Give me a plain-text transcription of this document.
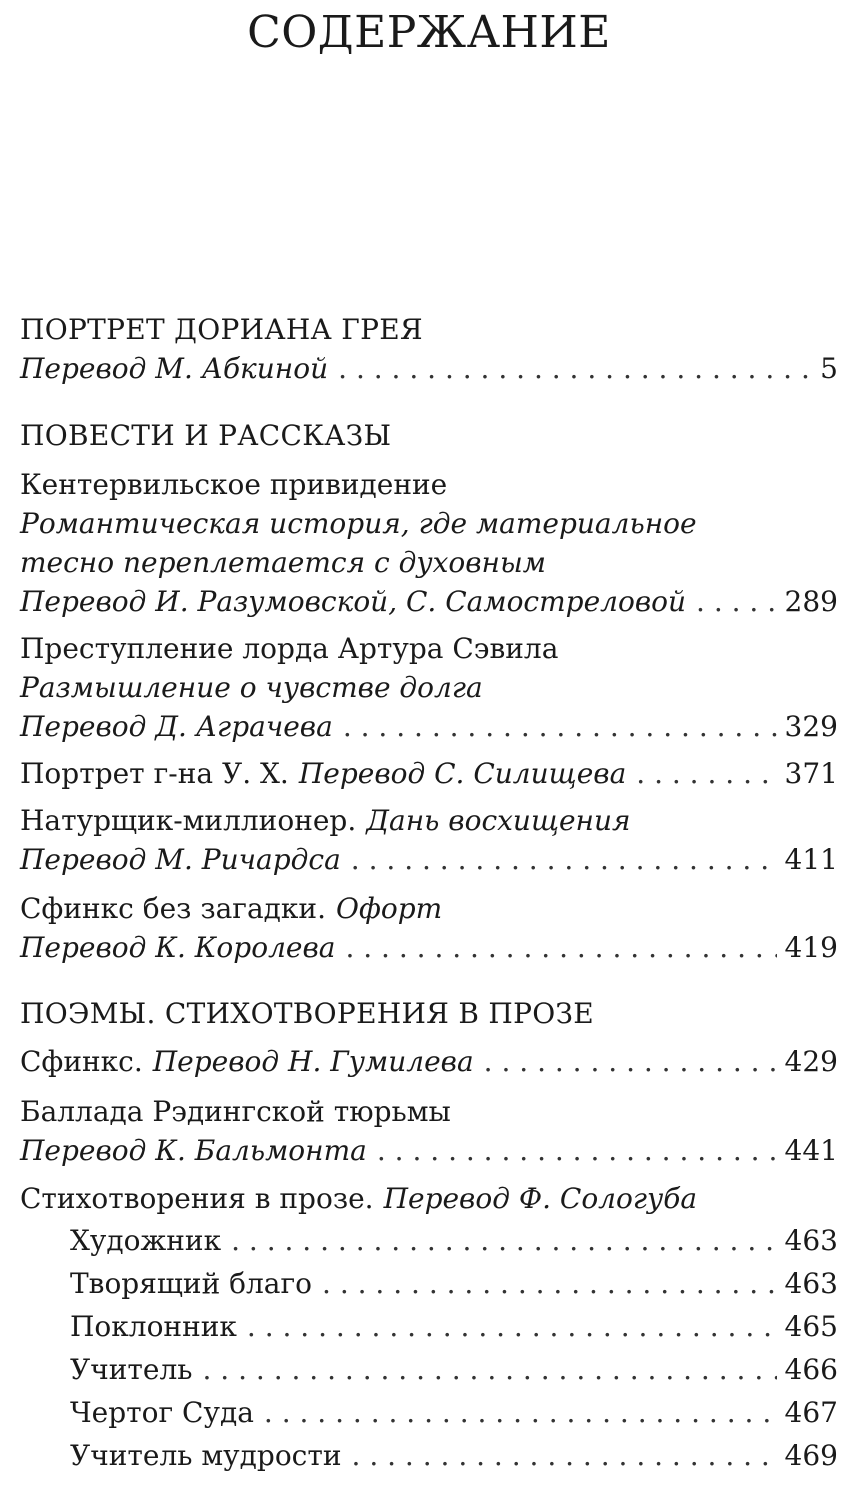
СОДЕРЖАНИЕ
ПОРТРЕТ ДОРИАНА ГРЕЯ
Перевод М. Абкиной . . .	5
ПОВЕСТИ И РАССКАЗЫ
Кентервильское привидение
Романтическая история, где материальное
тесно переплетается с духовным
Перевод И. Разумовской, С. Самостреловой . . .	289
Преступление лорда Артура Сэвила
Размышление о чувстве долга
Перевод Д. Аграчева . . .	329
Портрет г-на У. Х. Перевод С. Силищева . . .	371
Натурщик-миллионер. Дань восхищения
Перевод М. Ричардса . . .	411
Сфинкс без загадки. Офорт
Перевод К. Королева . . .	419
ПОЭМЫ. СТИХОТВОРЕНИЯ В ПРОЗЕ
Сфинкс. Перевод Н. Гумилева . . .	429
Баллада Рэдингской тюрьмы
Перевод К. Бальмонта . . .	441
Стихотворения в прозе. Перевод Ф. Сологуба
Художник . . .	463
Творящий благо . . .	463
Поклонник . . .	465
Учитель . . .	466
Чертог Суда . . .	467
Учитель мудрости . . .	469
